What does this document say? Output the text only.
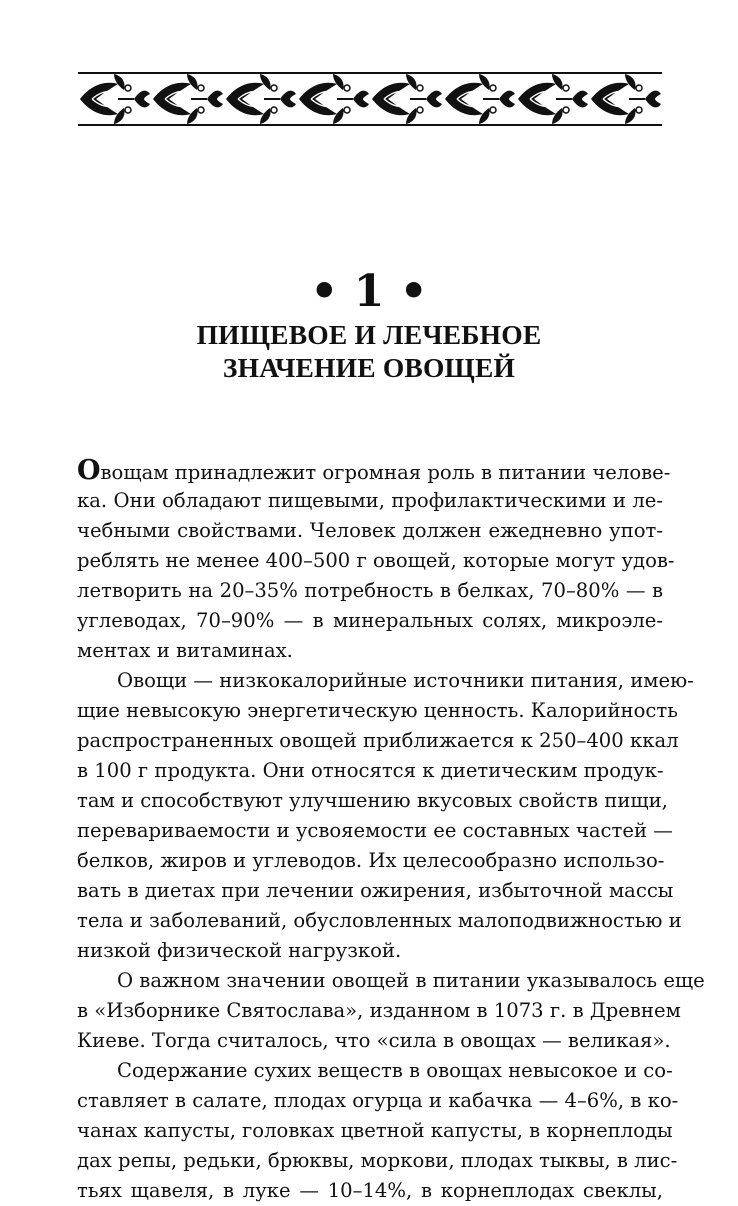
• 1 •
ПИЩЕВОЕ И ЛЕЧЕБНОЕ
ЗНАЧЕНИЕ ОВОЩЕЙ
Овощам принадлежит огромная роль в питании челове-
ка. Они обладают пищевыми, профилактическими и ле-
чебными свойствами. Человек должен ежедневно упот-
реблять не менее 400–500 г овощей, которые могут удов-
летворить на 20–35% потребность в белках, 70–80% — в
углеводах, 70–90% — в минеральных солях, микроэле-
ментах и витаминах.
Овощи — низкокалорийные источники питания, имею-
щие невысокую энергетическую ценность. Калорийность
распространенных овощей приближается к 250–400 ккал
в 100 г продукта. Они относятся к диетическим продук-
там и способствуют улучшению вкусовых свойств пищи,
перевариваемости и усвояемости ее составных частей —
белков, жиров и углеводов. Их целесообразно использо-
вать в диетах при лечении ожирения, избыточной массы
тела и заболеваний, обусловленных малоподвижностью и
низкой физической нагрузкой.
О важном значении овощей в питании указывалось еще
в «Изборнике Святослава», изданном в 1073 г. в Древнем
Киеве. Тогда считалось, что «сила в овощах — великая».
Содержание сухих веществ в овощах невысокое и со-
ставляет в салате, плодах огурца и кабачка — 4–6%, в ко-
чанах капусты, головках цветной капусты, в корнеплоды
дах репы, редьки, брюквы, моркови, плодах тыквы, в лис-
тьях щавеля, в луке — 10–14%, в корнеплодах свеклы,
